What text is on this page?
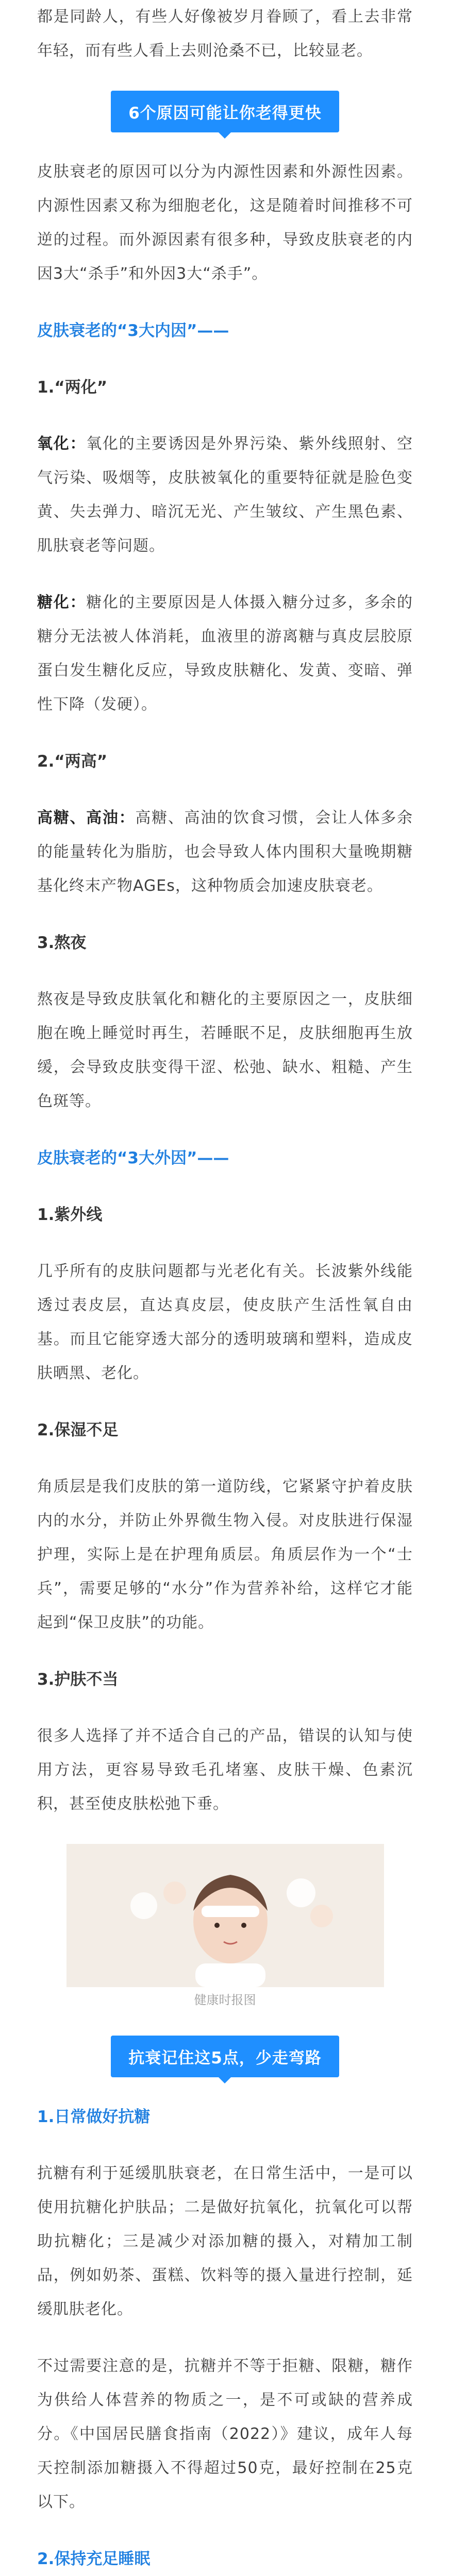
都是同龄人，有些人好像被岁月眷顾了，看上去非常年轻，而有些人看上去则沧桑不已，比较显老。

6个原因可能让你老得更快

皮肤衰老的原因可以分为内源性因素和外源性因素。内源性因素又称为细胞老化，这是随着时间推移不可逆的过程。而外源因素有很多种，导致皮肤衰老的内因3大“杀手”和外因3大“杀手”。

皮肤衰老的“3大内因”——
1.“两化”

氧化：氧化的主要诱因是外界污染、紫外线照射、空气污染、吸烟等，皮肤被氧化的重要特征就是脸色变黄、失去弹力、暗沉无光、产生皱纹、产生黑色素、肌肤衰老等问题。

糖化：糖化的主要原因是人体摄入糖分过多，多余的糖分无法被人体消耗，血液里的游离糖与真皮层胶原蛋白发生糖化反应，导致皮肤糖化、发黄、变暗、弹性下降（发硬）。

2.“两高”

高糖、高油：高糖、高油的饮食习惯，会让人体多余的能量转化为脂肪，也会导致人体内围积大量晚期糖基化终末产物AGEs，这种物质会加速皮肤衰老。

3.熬夜

熬夜是导致皮肤氧化和糖化的主要原因之一，皮肤细胞在晚上睡觉时再生，若睡眠不足，皮肤细胞再生放缓，会导致皮肤变得干涩、松弛、缺水、粗糙、产生色斑等。

皮肤衰老的“3大外因”——
1.紫外线

几乎所有的皮肤问题都与光老化有关。长波紫外线能透过表皮层，直达真皮层，使皮肤产生活性氧自由基。而且它能穿透大部分的透明玻璃和塑料，造成皮肤晒黑、老化。

2.保湿不足

角质层是我们皮肤的第一道防线，它紧紧守护着皮肤内的水分，并防止外界微生物入侵。对皮肤进行保湿护理，实际上是在护理角质层。角质层作为一个“士兵”，需要足够的“水分”作为营养补给，这样它才能起到“保卫皮肤”的功能。

3.护肤不当

很多人选择了并不适合自己的产品，错误的认知与使用方法，更容易导致毛孔堵塞、皮肤干燥、色素沉积，甚至使皮肤松弛下垂。

健康时报图
抗衰记住这5点，少走弯路
1.日常做好抗糖

抗糖有利于延缓肌肤衰老，在日常生活中，一是可以使用抗糖化护肤品；二是做好抗氧化，抗氧化可以帮助抗糖化；三是减少对添加糖的摄入，对精加工制品，例如奶茶、蛋糕、饮料等的摄入量进行控制，延缓肌肤老化。

不过需要注意的是，抗糖并不等于拒糖、限糖，糖作为供给人体营养的物质之一，是不可或缺的营养成分。《中国居民膳食指南（2022）》建议，成年人每天控制添加糖摄入不得超过50克，最好控制在25克以下。

2.保持充足睡眠
